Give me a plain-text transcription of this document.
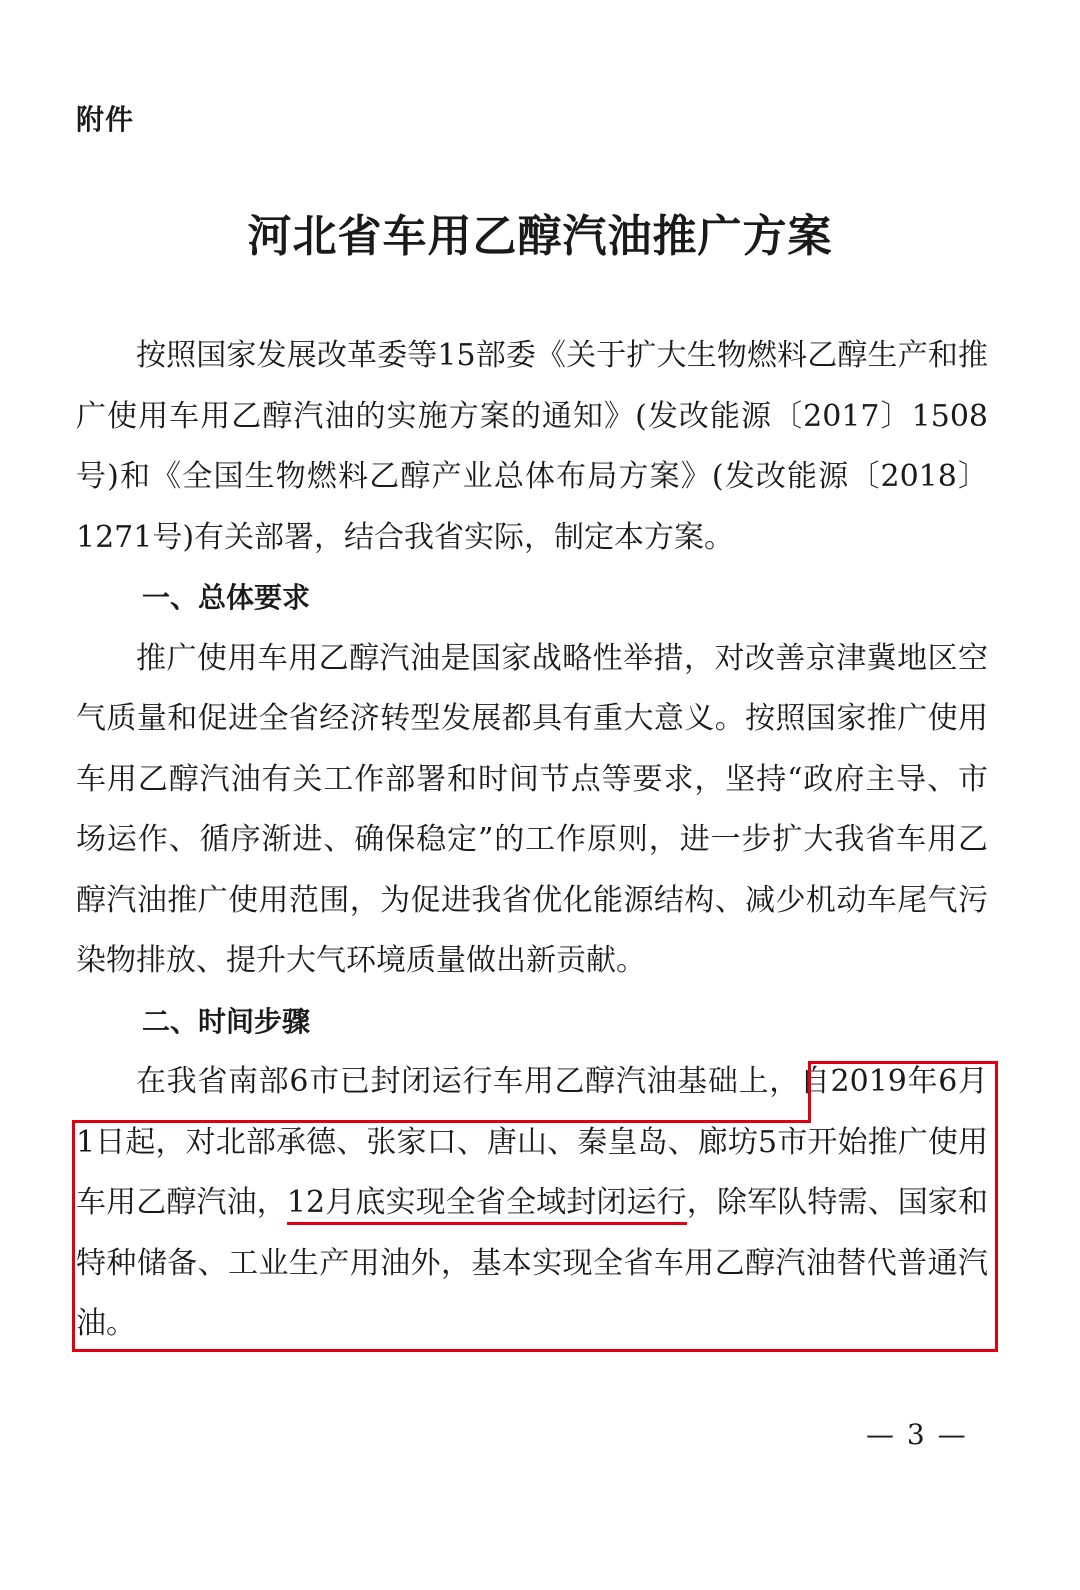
附件
河北省车用乙醇汽油推广方案

按照国家发展改革委等15部委《关于扩大生物燃料乙醇生产和推广使用车用乙醇汽油的实施方案的通知》(发改能源〔2017〕1508号)和《全国生物燃料乙醇产业总体布局方案》(发改能源〔2018〕1271号)有关部署，结合我省实际，制定本方案。

一、总体要求

推广使用车用乙醇汽油是国家战略性举措，对改善京津冀地区空气质量和促进全省经济转型发展都具有重大意义。按照国家推广使用车用乙醇汽油有关工作部署和时间节点等要求，坚持“政府主导、市场运作、循序渐进、确保稳定”的工作原则，进一步扩大我省车用乙醇汽油推广使用范围，为促进我省优化能源结构、减少机动车尾气污染物排放、提升大气环境质量做出新贡献。

二、时间步骤

在我省南部6市已封闭运行车用乙醇汽油基础上，自2019年6月1日起，对北部承德、张家口、唐山、秦皇岛、廊坊5市开始推广使用车用乙醇汽油，12月底实现全省全域封闭运行，除军队特需、国家和特种储备、工业生产用油外，基本实现全省车用乙醇汽油替代普通汽油。

— 3 —
